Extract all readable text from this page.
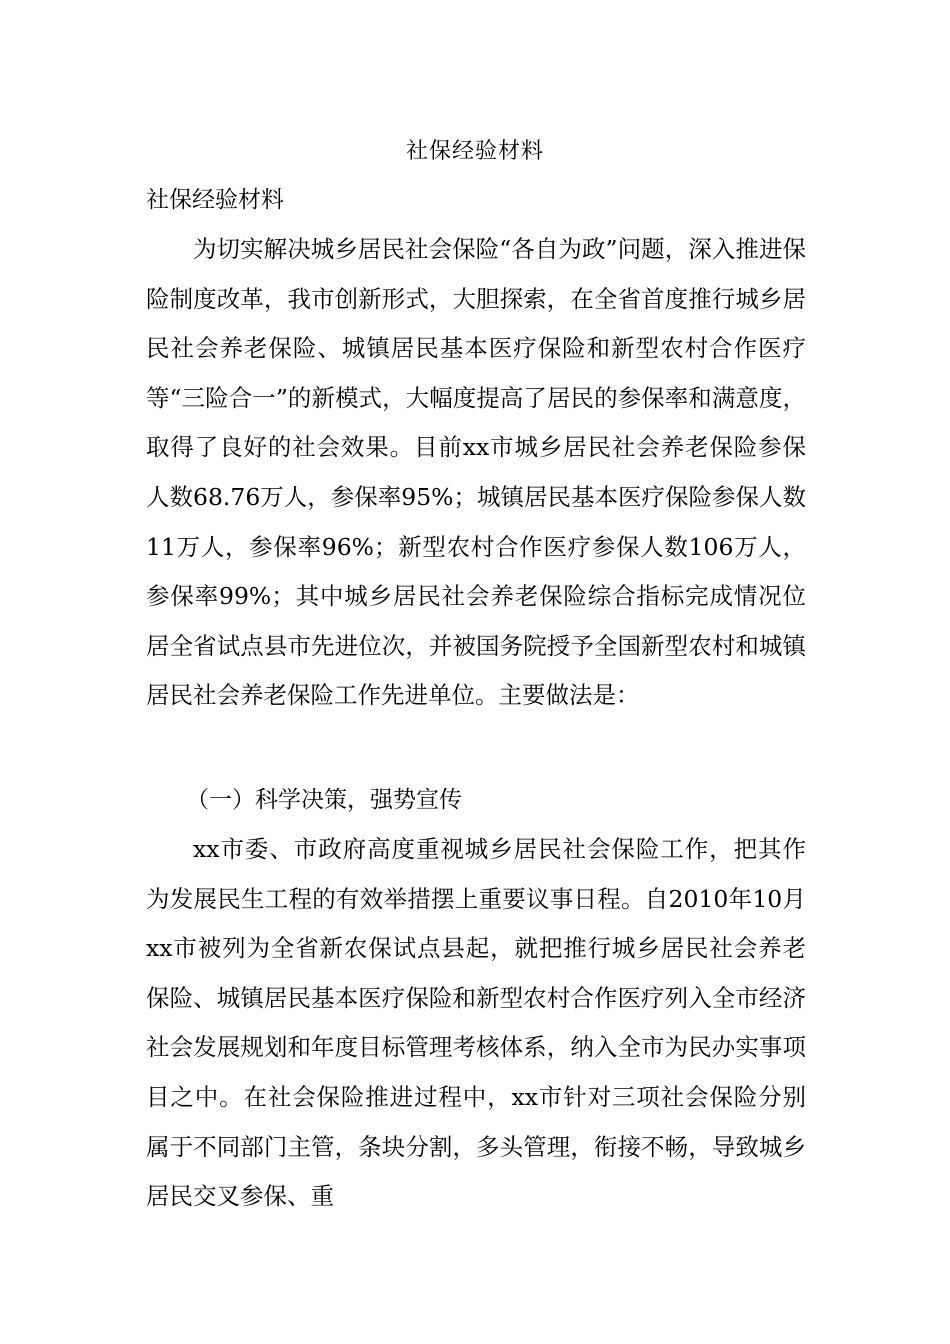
社保经验材料
社保经验材料

为切实解决城乡居民社会保险“各自为政”问题，深入推进保险制度改革，我市创新形式，大胆探索，在全省首度推行城乡居民社会养老保险、城镇居民基本医疗保险和新型农村合作医疗等“三险合一”的新模式，大幅度提高了居民的参保率和满意度，取得了良好的社会效果。目前xx市城乡居民社会养老保险参保人数68.76万人，参保率95%；城镇居民基本医疗保险参保人数11万人，参保率96%；新型农村合作医疗参保人数106万人，参保率99%；其中城乡居民社会养老保险综合指标完成情况位居全省试点县市先进位次，并被国务院授予全国新型农村和城镇居民社会养老保险工作先进单位。主要做法是：

（一）科学决策，强势宣传

xx市委、市政府高度重视城乡居民社会保险工作，把其作为发展民生工程的有效举措摆上重要议事日程。自2010年10月xx市被列为全省新农保试点县起，就把推行城乡居民社会养老保险、城镇居民基本医疗保险和新型农村合作医疗列入全市经济社会发展规划和年度目标管理考核体系，纳入全市为民办实事项目之中。在社会保险推进过程中，xx市针对三项社会保险分别属于不同部门主管，条块分割，多头管理，衔接不畅，导致城乡居民交叉参保、重
